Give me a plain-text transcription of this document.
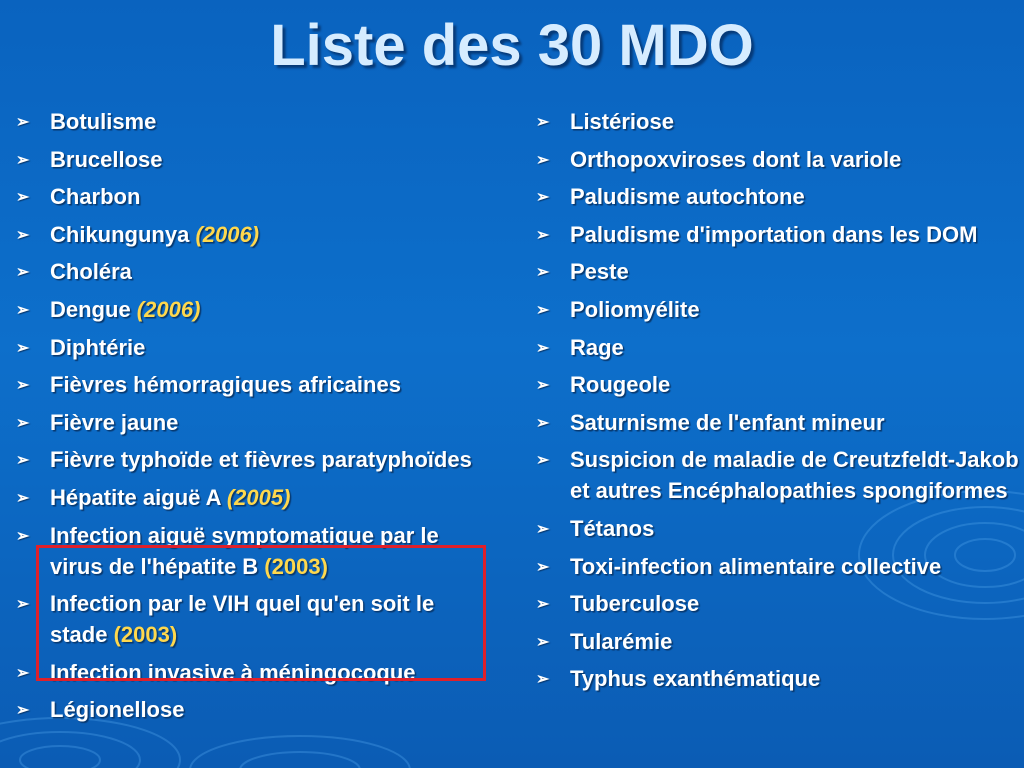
Liste des 30 MDO
➢ Botulisme
➢ Brucellose
➢ Charbon
➢ Chikungunya (2006)
➢ Choléra
➢ Dengue (2006)
➢ Diphtérie
➢ Fièvres hémorragiques africaines
➢ Fièvre jaune
➢ Fièvre typhoïde et fièvres paratyphoïdes
➢ Hépatite aiguë A (2005)
➢ Infection aiguë symptomatique par le virus de l'hépatite B (2003)
➢ Infection par le VIH quel qu'en soit le stade (2003)
➢ Infection invasive à méningocoque
➢ Légionellose
➢ Listériose
➢ Orthopoxviroses dont la variole
➢ Paludisme autochtone
➢ Paludisme d'importation dans les DOM
➢ Peste
➢ Poliomyélite
➢ Rage
➢ Rougeole
➢ Saturnisme de l'enfant mineur
➢ Suspicion de maladie de Creutzfeldt-Jakob et autres Encéphalopathies spongiformes
➢ Tétanos
➢ Toxi-infection alimentaire collective
➢ Tuberculose
➢ Tularémie
➢ Typhus exanthématique
